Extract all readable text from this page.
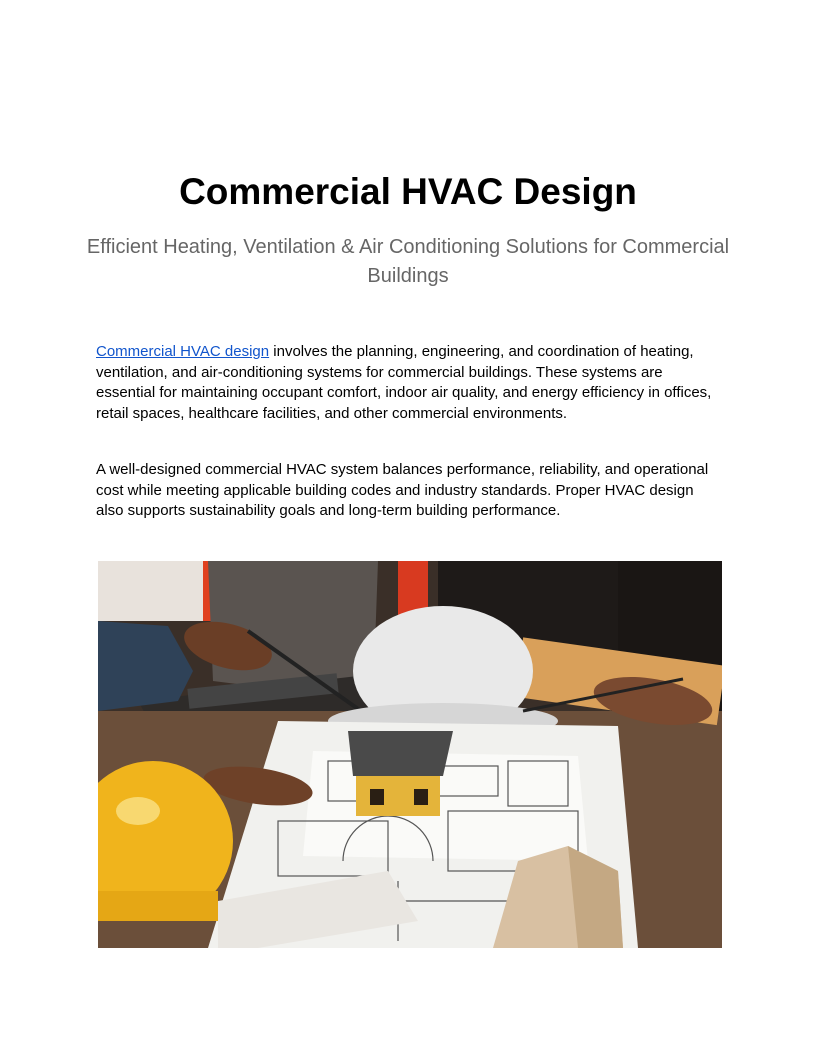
Commercial HVAC Design
Efficient Heating, Ventilation & Air Conditioning Solutions for Commercial Buildings
Commercial HVAC design involves the planning, engineering, and coordination of heating, ventilation, and air-conditioning systems for commercial buildings. These systems are essential for maintaining occupant comfort, indoor air quality, and energy efficiency in offices, retail spaces, healthcare facilities, and other commercial environments.
A well-designed commercial HVAC system balances performance, reliability, and operational cost while meeting applicable building codes and industry standards. Proper HVAC design also supports sustainability goals and long-term building performance.
